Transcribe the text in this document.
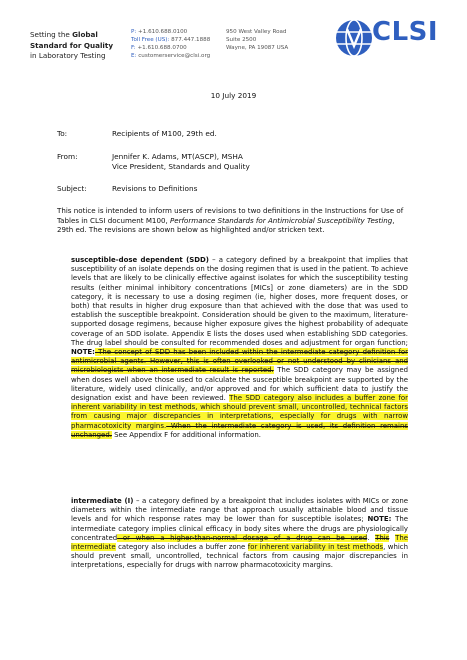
Setting the Global
Standard for Quality
in Laboratory Testing
P: +1.610.688.0100
Toll Free (US): 877.447.1888
F: +1.610.688.0700
E: customerservice@clsi.org
950 West Valley Road
Suite 2500
Wayne, PA 19087 USA
CLSI
10 July 2019
To:	Recipients of M100, 29th ed.
From:	Jennifer K. Adams, MT(ASCP), MSHA
Vice President, Standards and Quality
Subject:	Revisions to Definitions
This notice is intended to inform users of revisions to two definitions in the Instructions for Use of Tables in CLSI document M100, Performance Standards for Antimicrobial Susceptibility Testing, 29th ed. The revisions are shown below as highlighted and/or stricken text.
susceptible-dose dependent (SDD) – a category defined by a breakpoint that implies that susceptibility of an isolate depends on the dosing regimen that is used in the patient. To achieve levels that are likely to be clinically effective against isolates for which the susceptibility testing results (either minimal inhibitory concentrations [MICs] or zone diameters) are in the SDD category, it is necessary to use a dosing regimen (ie, higher doses, more frequent doses, or both) that results in higher drug exposure than that achieved with the dose that was used to establish the susceptible breakpoint. Consideration should be given to the maximum, literature-supported dosage regimens, because higher exposure gives the highest probability of adequate coverage of an SDD isolate. Appendix E lists the doses used when establishing SDD categories. The drug label should be consulted for recommended doses and adjustment for organ function; NOTE: The concept of SDD has been included within the intermediate category definition for antimicrobial agents. However, this is often overlooked or not understood by clinicians and microbiologists when an intermediate result is reported. The SDD category may be assigned when doses well above those used to calculate the susceptible breakpoint are supported by the literature, widely used clinically, and/or approved and for which sufficient data to justify the designation exist and have been reviewed. The SDD category also includes a buffer zone for inherent variability in test methods, which should prevent small, uncontrolled, technical factors from causing major discrepancies in interpretations, especially for drugs with narrow pharmacotoxicity margins. When the intermediate category is used, its definition remains unchanged. See Appendix F for additional information.
intermediate (I) – a category defined by a breakpoint that includes isolates with MICs or zone diameters within the intermediate range that approach usually attainable blood and tissue levels and for which response rates may be lower than for susceptible isolates; NOTE: The intermediate category implies clinical efficacy in body sites where the drugs are physiologically concentrated or when a higher-than-normal dosage of a drug can be used. This The intermediate category also includes a buffer zone for inherent variability in test methods, which should prevent small, uncontrolled, technical factors from causing major discrepancies in interpretations, especially for drugs with narrow pharmacotoxicity margins.
